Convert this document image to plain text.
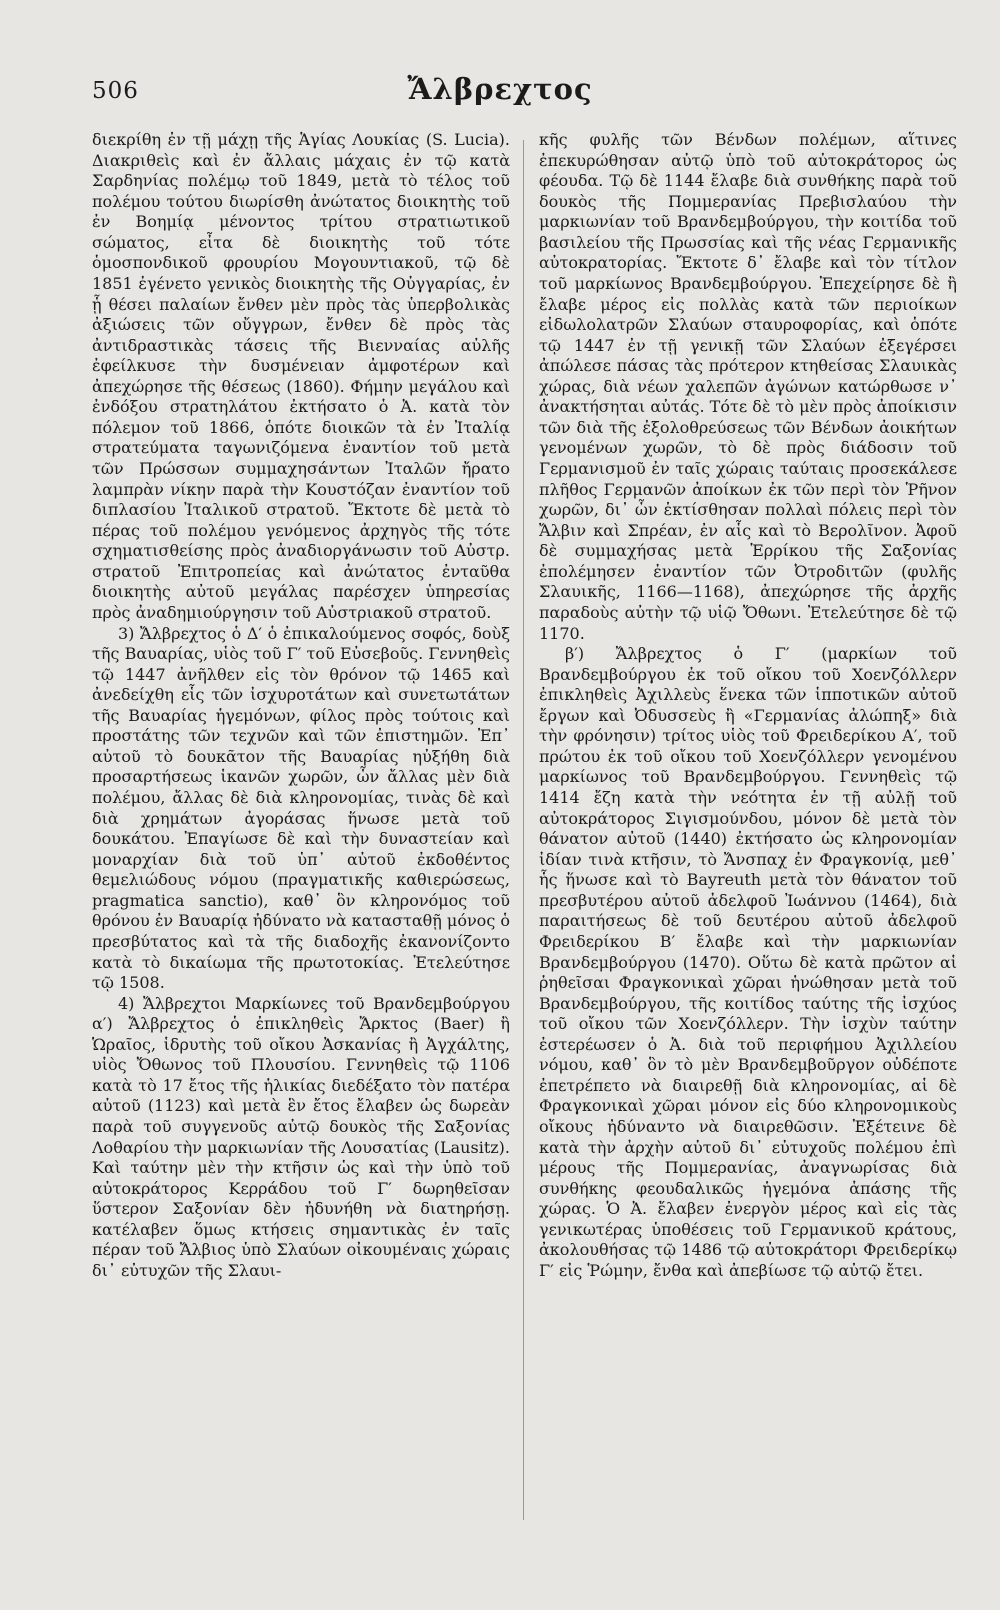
506	Ἄλβρεχτος

διεκρίθη ἐν τῇ μάχῃ τῆς Ἁγίας Λουκίας (S. Lucia). Διακριθεὶς καὶ ἐν ἄλλαις μάχαις ἐν τῷ κατὰ Σαρδηνίας πολέμῳ τοῦ 1849, μετὰ τὸ τέλος τοῦ πολέμου τούτου διωρίσθη ἀνώτατος διοικητὴς τοῦ ἐν Βοημίᾳ μένοντος τρίτου στρατιωτικοῦ σώματος, εἶτα δὲ διοικητὴς τοῦ τότε ὁμοσπονδικοῦ φρουρίου Μογουντιακοῦ, τῷ δὲ 1851 ἐγένετο γενικὸς διοικητὴς τῆς Οὐγγαρίας, ἐν ᾗ θέσει παλαίων ἔνθεν μὲν πρὸς τὰς ὑπερβολικὰς ἀξιώσεις τῶν οὔγγρων, ἔνθεν δὲ πρὸς τὰς ἀντιδραστικὰς τάσεις τῆς Βιενναίας αὐλῆς ἐφείλκυσε τὴν δυσμένειαν ἀμφοτέρων καὶ ἀπεχώρησε τῆς θέσεως (1860). Φήμην μεγάλου καὶ ἐνδόξου στρατηλάτου ἐκτήσατο ὁ Ἀ. κατὰ τὸν πόλεμον τοῦ 1866, ὁπότε διοικῶν τὰ ἐν Ἰταλίᾳ στρατεύματα ταγωνιζόμενα ἐναντίον τοῦ μετὰ τῶν Πρώσσων συμμαχησάντων Ἰταλῶν ἤρατο λαμπρὰν νίκην παρὰ τὴν Κουστόζαν ἐναντίον τοῦ διπλασίου Ἰταλικοῦ στρατοῦ. Ἔκτοτε δὲ μετὰ τὸ πέρας τοῦ πολέμου γενόμενος ἀρχηγὸς τῆς τότε σχηματισθείσης πρὸς ἀναδιοργάνωσιν τοῦ Αὐστρ. στρατοῦ Ἐπιτροπείας καὶ ἀνώτατος ἐνταῦθα διοικητὴς αὐτοῦ μεγάλας παρέσχεν ὑπηρεσίας πρὸς ἀναδημιούργησιν τοῦ Αὐστριακοῦ στρατοῦ.

3) Ἄλβρεχτος ὁ Δ′ ὁ ἐπικαλούμενος σοφός, δοὺξ τῆς Βαυαρίας, υἱὸς τοῦ Γ′ τοῦ Εὐσεβοῦς. Γεννηθεὶς τῷ 1447 ἀνῆλθεν εἰς τὸν θρόνον τῷ 1465 καὶ ἀνεδείχθη εἷς τῶν ἰσχυροτάτων καὶ συνετωτάτων τῆς Βαυαρίας ἡγεμόνων, φίλος πρὸς τούτοις καὶ προστάτης τῶν τεχνῶν καὶ τῶν ἐπιστημῶν. Ἐπ᾽ αὐτοῦ τὸ δουκᾶτον τῆς Βαυαρίας ηὐξήθη διὰ προσαρτήσεως ἱκανῶν χωρῶν, ὧν ἄλλας μὲν διὰ πολέμου, ἄλλας δὲ διὰ κληρονομίας, τινὰς δὲ καὶ διὰ χρημάτων ἀγοράσας ἥνωσε μετὰ τοῦ δουκάτου. Ἐπαγίωσε δὲ καὶ τὴν δυναστείαν καὶ μοναρχίαν διὰ τοῦ ὑπ᾽ αὐτοῦ ἐκδοθέντος θεμελιώδους νόμου (πραγματικῆς καθιερώσεως, pragmatica sanctio), καθ᾽ ὃν κληρονόμος τοῦ θρόνου ἐν Βαυαρίᾳ ἠδύνατο νὰ κατασταθῇ μόνος ὁ πρεσβύτατος καὶ τὰ τῆς διαδοχῆς ἐκανονίζοντο κατὰ τὸ δικαίωμα τῆς πρωτοτοκίας. Ἐτελεύτησε τῷ 1508.

4) Ἄλβρεχτοι Μαρκίωνες τοῦ Βρανδεμβούργου α′) Ἄλβρεχτος ὁ ἐπικληθεὶς Ἄρκτος (Baer) ἢ Ὡραῖος, ἱδρυτὴς τοῦ οἴκου Ἀσκανίας ἢ Ἀγχάλτης, υἱὸς Ὄθωνος τοῦ Πλουσίου. Γεννηθεὶς τῷ 1106 κατὰ τὸ 17 ἔτος τῆς ἡλικίας διεδέξατο τὸν πατέρα αὐτοῦ (1123) καὶ μετὰ ἓν ἔτος ἔλαβεν ὡς δωρεὰν παρὰ τοῦ συγγενοῦς αὐτῷ δουκὸς τῆς Σαξονίας Λοθαρίου τὴν μαρκιωνίαν τῆς Λουσατίας (Lausitz). Καὶ ταύτην μὲν τὴν κτῆσιν ὡς καὶ τὴν ὑπὸ τοῦ αὐτοκράτορος Κερράδου τοῦ Γ′ δωρηθεῖσαν ὕστερον Σαξονίαν δὲν ἠδυνήθη νὰ διατηρήσῃ. κατέλαβεν ὅμως κτήσεις σημαντικὰς ἐν ταῖς πέραν τοῦ Ἄλβιος ὑπὸ Σλαύων οἰκουμέναις χώραις δι᾽ εὐτυχῶν τῆς Σλαυι-

κῆς φυλῆς τῶν Βένδων πολέμων, αἵτινες ἐπεκυρώθησαν αὐτῷ ὑπὸ τοῦ αὐτοκράτορος ὡς φέουδα. Τῷ δὲ 1144 ἔλαβε διὰ συνθήκης παρὰ τοῦ δουκὸς τῆς Πομμερανίας Πρεβισλαύου τὴν μαρκιωνίαν τοῦ Βρανδεμβούργου, τὴν κοιτίδα τοῦ βασιλείου τῆς Πρωσσίας καὶ τῆς νέας Γερμανικῆς αὐτοκρατορίας. Ἔκτοτε δ᾽ ἔλαβε καὶ τὸν τίτλον τοῦ μαρκίωνος Βρανδεμβούργου. Ἐπεχείρησε δὲ ἢ ἔλαβε μέρος εἰς πολλὰς κατὰ τῶν περιοίκων εἰδωλολατρῶν Σλαύων σταυροφορίας, καὶ ὁπότε τῷ 1447 ἐν τῇ γενικῇ τῶν Σλαύων ἐξεγέρσει ἀπώλεσε πάσας τὰς πρότερον κτηθείσας Σλαυικὰς χώρας, διὰ νέων χαλεπῶν ἀγώνων κατώρθωσε ν᾽ ἀνακτήσηται αὐτάς. Τότε δὲ τὸ μὲν πρὸς ἀποίκισιν τῶν διὰ τῆς ἐξολοθρεύσεως τῶν Βένδων ἀοικήτων γενομένων χωρῶν, τὸ δὲ πρὸς διάδοσιν τοῦ Γερμανισμοῦ ἐν ταῖς χώραις ταύταις προσεκάλεσε πλῆθος Γερμανῶν ἀποίκων ἐκ τῶν περὶ τὸν Ῥῆνον χωρῶν, δι᾽ ὧν ἐκτίσθησαν πολλαὶ πόλεις περὶ τὸν Ἄλβιν καὶ Σπρέαν, ἐν αἷς καὶ τὸ Βερολῖνον. Ἀφοῦ δὲ συμμαχήσας μετὰ Ἑρρίκου τῆς Σαξονίας ἐπολέμησεν ἐναντίον τῶν Ὀτροδιτῶν (φυλῆς Σλαυικῆς, 1166—1168), ἀπεχώρησε τῆς ἀρχῆς παραδοὺς αὐτὴν τῷ υἱῷ Ὄθωνι. Ἐτελεύτησε δὲ τῷ 1170.

β′) Ἄλβρεχτος ὁ Γ′ (μαρκίων τοῦ Βρανδεμβούργου ἐκ τοῦ οἴκου τοῦ Χοενζόλλερν ἐπικληθεὶς Ἀχιλλεὺς ἕνεκα τῶν ἱπποτικῶν αὐτοῦ ἔργων καὶ Ὀδυσσεὺς ἢ «Γερμανίας ἀλώπηξ» διὰ τὴν φρόνησιν) τρίτος υἱὸς τοῦ Φρειδερίκου Α′, τοῦ πρώτου ἐκ τοῦ οἴκου τοῦ Χοενζόλλερν γενομένου μαρκίωνος τοῦ Βρανδεμβούργου. Γεννηθεὶς τῷ 1414 ἔζη κατὰ τὴν νεότητα ἐν τῇ αὐλῇ τοῦ αὐτοκράτορος Σιγισμούνδου, μόνον δὲ μετὰ τὸν θάνατον αὐτοῦ (1440) ἐκτήσατο ὡς κληρονομίαν ἰδίαν τινὰ κτῆσιν, τὸ Ἄνσπαχ ἐν Φραγκονίᾳ, μεθ᾽ ἧς ἥνωσε καὶ τὸ Bayreuth μετὰ τὸν θάνατον τοῦ πρεσβυτέρου αὐτοῦ ἀδελφοῦ Ἰωάννου (1464), διὰ παραιτήσεως δὲ τοῦ δευτέρου αὐτοῦ ἀδελφοῦ Φρειδερίκου Β′ ἔλαβε καὶ τὴν μαρκιωνίαν Βρανδεμβούργου (1470). Οὕτω δὲ κατὰ πρῶτον αἱ ῥηθεῖσαι Φραγκονικαὶ χῶραι ἡνώθησαν μετὰ τοῦ Βρανδεμβούργου, τῆς κοιτίδος ταύτης τῆς ἰσχύος τοῦ οἴκου τῶν Χοενζόλλερν. Τὴν ἰσχὺν ταύτην ἐστερέωσεν ὁ Ἀ. διὰ τοῦ περιφήμου Ἀχιλλείου νόμου, καθ᾽ ὃν τὸ μὲν Βρανδεμβοῦργον οὐδέποτε ἐπετρέπετο νὰ διαιρεθῇ διὰ κληρονομίας, αἱ δὲ Φραγκονικαὶ χῶραι μόνον εἰς δύο κληρονομικοὺς οἴκους ἠδύναντο νὰ διαιρεθῶσιν. Ἐξέτεινε δὲ κατὰ τὴν ἀρχὴν αὐτοῦ δι᾽ εὐτυχοῦς πολέμου ἐπὶ μέρους τῆς Πομμερανίας, ἀναγνωρίσας διὰ συνθήκης φεουδαλικῶς ἡγεμόνα ἁπάσης τῆς χώρας. Ὁ Ἀ. ἔλαβεν ἐνεργὸν μέρος καὶ εἰς τὰς γενικωτέρας ὑποθέσεις τοῦ Γερμανικοῦ κράτους, ἀκολουθήσας τῷ 1486 τῷ αὐτοκράτορι Φρειδερίκῳ Γ′ εἰς Ῥώμην, ἔνθα καὶ ἀπεβίωσε τῷ αὐτῷ ἔτει.
